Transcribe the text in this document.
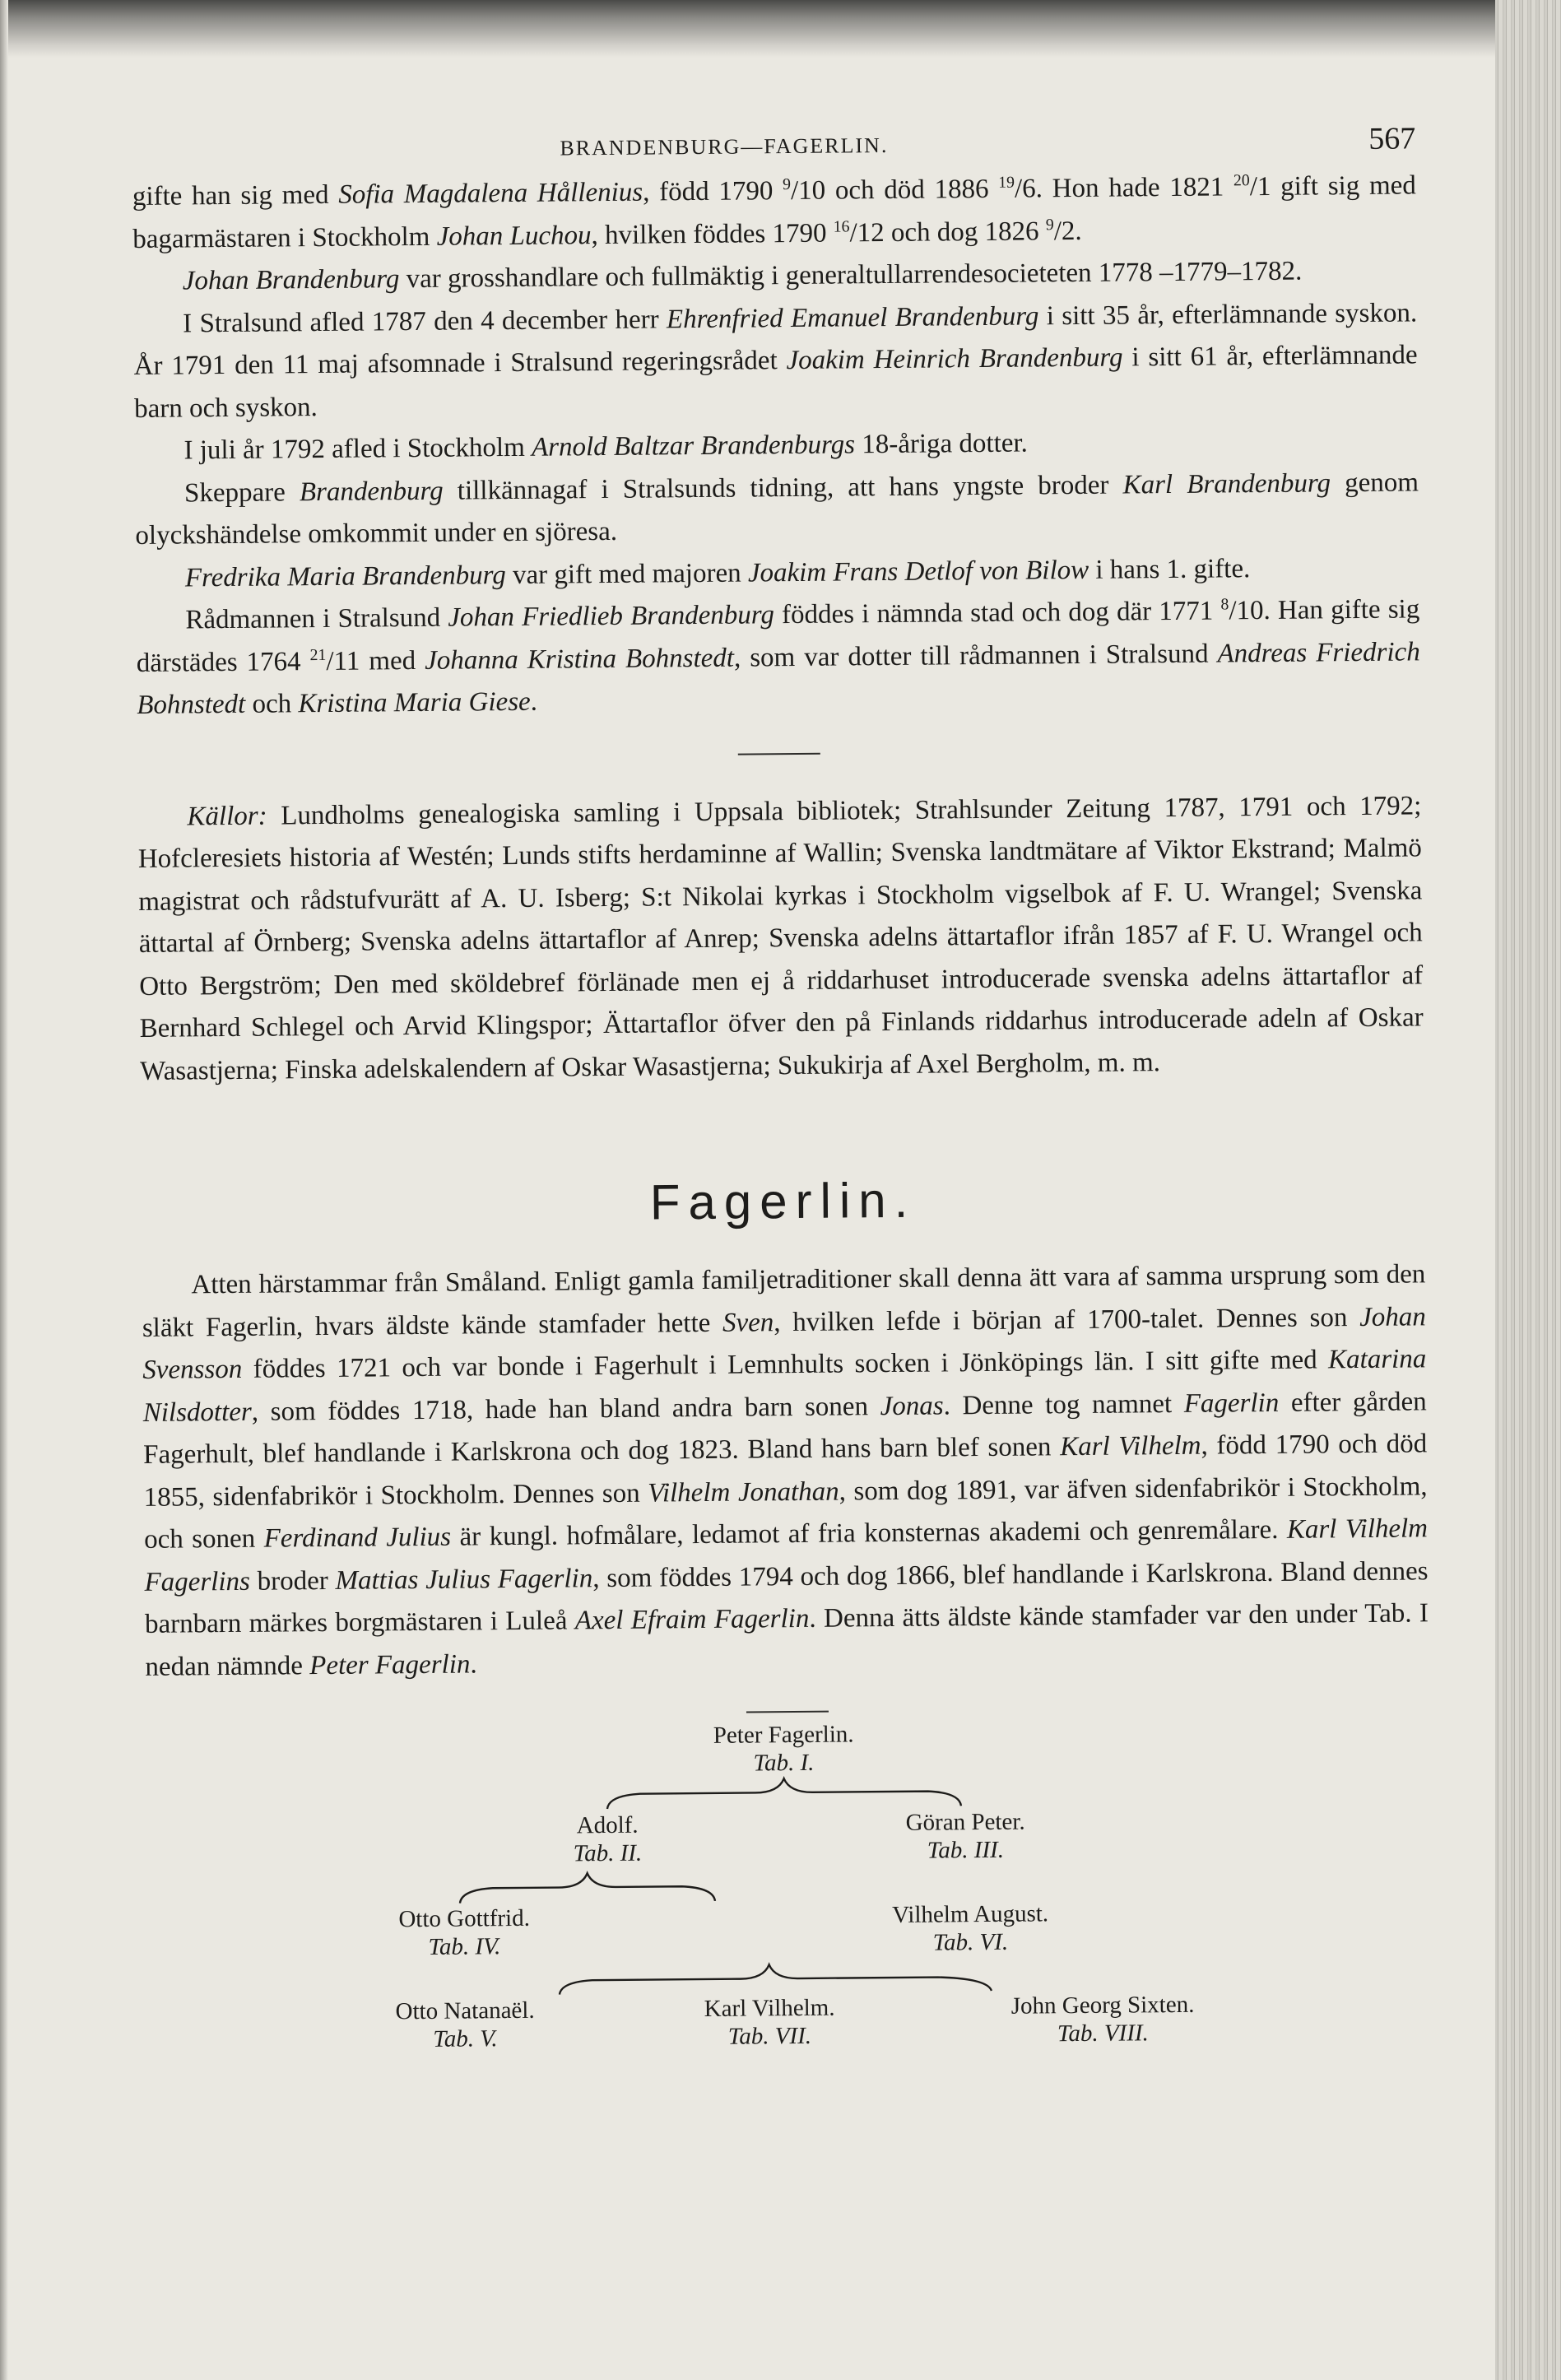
BRANDENBURG—FAGERLIN.	567

gifte han sig med Sofia Magdalena Hållenius, född 1790 $^9$/10 och död 1886 $^{19}$/6. Hon hade 1821 $^{20}$/1 gift sig med bagarmästaren i Stockholm Johan Luchou, hvilken föddes 1790 $^{16}$/12 och dog 1826 $^9$/2.

Johan Brandenburg var grosshandlare och fullmäktig i generaltullarrendesocieteten 1778 –1779–1782.

I Stralsund afled 1787 den 4 december herr Ehrenfried Emanuel Brandenburg i sitt 35 år, efterlämnande syskon. År 1791 den 11 maj afsomnade i Stralsund regeringsrådet Joakim Heinrich Brandenburg i sitt 61 år, efterlämnande barn och syskon.

I juli år 1792 afled i Stockholm Arnold Baltzar Brandenburgs 18-åriga dotter.

Skeppare Brandenburg tillkännagaf i Stralsunds tidning, att hans yngste broder Karl Brandenburg genom olyckshändelse omkommit under en sjöresa.

Fredrika Maria Brandenburg var gift med majoren Joakim Frans Detlof von Bilow i hans 1. gifte.

Rådmannen i Stralsund Johan Friedlieb Brandenburg föddes i nämnda stad och dog där 1771 $^8$/10. Han gifte sig därstädes 1764 $^{21}$/11 med Johanna Kristina Bohnstedt, som var dotter till rådmannen i Stralsund Andreas Friedrich Bohnstedt och Kristina Maria Giese.

Källor: Lundholms genealogiska samling i Uppsala bibliotek; Strahlsunder Zeitung 1787, 1791 och 1792; Hofcleresiets historia af Westén; Lunds stifts herdaminne af Wallin; Svenska landtmätare af Viktor Ekstrand; Malmö magistrat och rådstufvurätt af A. U. Isberg; S:t Nikolai kyrkas i Stockholm vigselbok af F. U. Wrangel; Svenska ättartal af Örnberg; Svenska adelns ättartaflor af Anrep; Svenska adelns ättartaflor ifrån 1857 af F. U. Wrangel och Otto Bergström; Den med sköldebref förlänade men ej å riddarhuset introducerade svenska adelns ättartaflor af Bernhard Schlegel och Arvid Klingspor; Ättartaflor öfver den på Finlands riddarhus introducerade adeln af Oskar Wasastjerna; Finska adelskalendern af Oskar Wasastjerna; Sukukirja af Axel Bergholm, m. m.

Fagerlin.

Atten härstammar från Småland. Enligt gamla familjetraditioner skall denna ätt vara af samma ursprung som den släkt Fagerlin, hvars äldste kände stamfader hette Sven, hvilken lefde i början af 1700-talet. Dennes son Johan Svensson föddes 1721 och var bonde i Fagerhult i Lemnhults socken i Jönköpings län. I sitt gifte med Katarina Nilsdotter, som föddes 1718, hade han bland andra barn sonen Jonas. Denne tog namnet Fagerlin efter gården Fagerhult, blef handlande i Karlskrona och dog 1823. Bland hans barn blef sonen Karl Vilhelm, född 1790 och död 1855, sidenfabrikör i Stockholm. Dennes son Vilhelm Jonathan, som dog 1891, var äfven sidenfabrikör i Stockholm, och sonen Ferdinand Julius är kungl. hofmålare, ledamot af fria konsternas akademi och genremålare. Karl Vilhelm Fagerlins broder Mattias Julius Fagerlin, som föddes 1794 och dog 1866, blef handlande i Karlskrona. Bland dennes barnbarn märkes borgmästaren i Luleå Axel Efraim Fagerlin. Denna ätts äldste kände stamfader var den under Tab. I nedan nämnde Peter Fagerlin.

Peter Fagerlin.
Tab. I.
Adolf.
Tab. II.
Göran Peter.
Tab. III.
Otto Gottfrid.
Tab. IV.
Vilhelm August.
Tab. VI.
Otto Natanaël.
Tab. V.
Karl Vilhelm.
Tab. VII.
John Georg Sixten.
Tab. VIII.
